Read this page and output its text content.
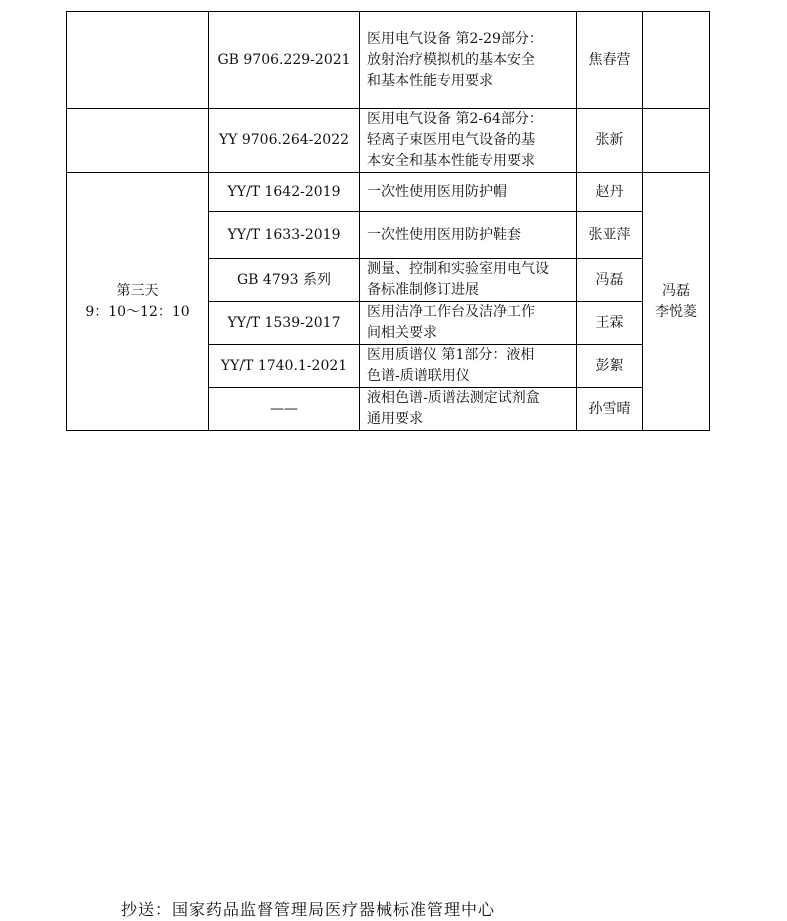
	GB 9706.229-2021	医用电气设备 第2-29部分：
放射治疗模拟机的基本安全
和基本性能专用要求	焦春营	
	YY 9706.264-2022	医用电气设备 第2-64部分：
轻离子束医用电气设备的基
本安全和基本性能专用要求	张新	

第三天
9：10～12：10	YY/T 1642-2019	一次性使用医用防护帽	赵丹	冯磊
李悦菱

	YY/T 1633-2019	一次性使用医用防护鞋套	张亚萍	
	GB 4793 系列	测量、控制和实验室用电气设
备标准制修订进展	冯磊	
	YY/T 1539-2017	医用洁净工作台及洁净工作
间相关要求	王霖	
	YY/T 1740.1-2021	医用质谱仪 第1部分：液相
色谱-质谱联用仪	彭絮	
	——	液相色谱-质谱法测定试剂盒
通用要求	孙雪晴	
抄送：国家药品监督管理局医疗器械标准管理中心
